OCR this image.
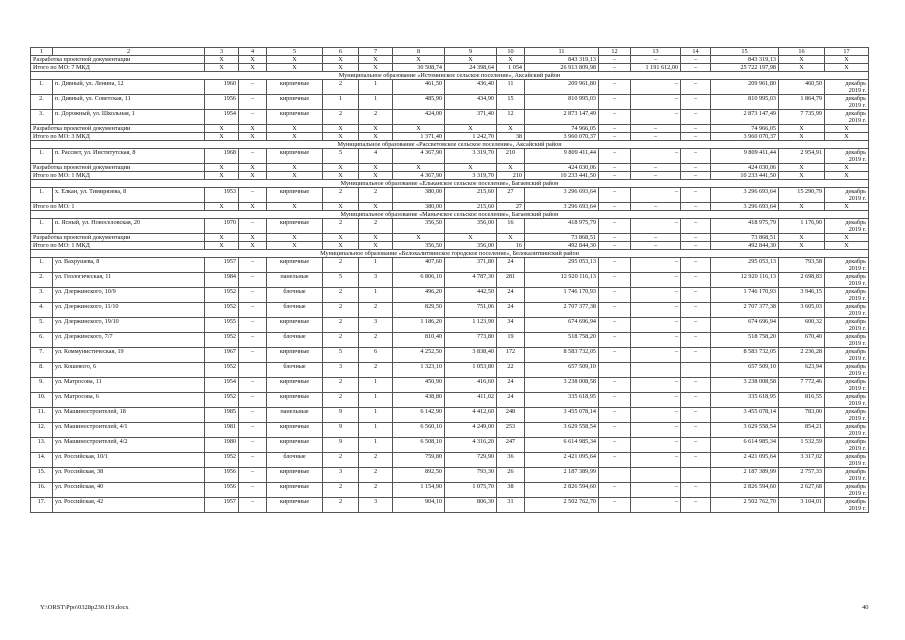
1	2	3	4	5	6	7	8	9	10	11	12	13	14	15	16	17
Разработка проектной документации		X	X	X	X	X	X	X	X	843 319,13	–	–	–	843 319,13	X	X
Итого по МО: 7 МКД		X	X	X	X	X	30 508,74	24 398,64	1 054	26 913 809,98	–	1 191 612,00	–	25 722 197,98	X	X
Муниципальное образование «Истоминское сельское поселение», Аксайский район																
1.	п. Дивный, ул. Ленина, 12	1960	–	кирпичные	2	1	461,50	436,40	11	209 961,80	–	–	–	209 961,80	460,50	декабрь
2019 г.

2.	п. Дивный, ул. Советская, 11	1956	–	кирпичные	1	1	485,90	434,90	15	810 995,03	–	–	–	810 995,03	1 864,79	декабрь
2019 г.

3.	п. Дорожный, ул. Школьная, 1	1954	–	кирпичные	2	2	424,00	371,40	12	2 873 147,49	–	–	–	2 873 147,49	7 735,99	декабрь
2019 г.

Разработка проектной документации		X	X	X	X	X	X	X	X	74 966,05	–	–	–	74 966,05	X	X
Итого по МО: 3 МКД		X	X	X	X	X	1 371,40	1 242,70	38	3 960 070,37	–	–	–	3 960 070,37	X	X
Муниципальное образование «Рассветовское сельское поселение», Аксайский район																
1.	п. Рассвет, ул. Институтская, 8	1968	–	кирпичные	5	4	4 367,90	3 319,70	210	9 809 411,44	–	–	–	9 809 411,44	2 954,91	декабрь
2019 г.

Разработка проектной документации		X	X	X	X	X	X	X	X	424 030,06	–	–	–	424 030,06	X	X
Итого по МО: 1 МКД		X	X	X	X	X	4 367,90	3 319,70	210	10 233 441,50	–	–	–	10 233 441,50	X	X
Муниципальное образование «Ельканское сельское поселение», Багаевский район																
1.	х. Елкан, ул. Тимирязева, 8	1953	–	кирпичные	2	2	380,00	215,60	27	3 296 693,64	–	–	–	3 296 693,64	15 290,79	декабрь
2019 г.

Итого по МО: 1		X	X	X	X	X	380,00	215,60	27	3 296 693,64	–	–	–	3 296 693,64	X	X
Муниципальное образование «Манычское сельское поселение», Багаевский район																
1.	п. Ясный, ул. Новоселовская, 20	1970	–	кирпичные	2	2	356,50	356,00	16	418 975,79	–	–	–	418 975,79	1 176,90	декабрь
2019 г.

Разработка проектной документации		X	X	X	X	X	X	X	X	73 868,51	–	–	–	73 868,51	X	X
Итого по МО: 1 МКД		X	X	X	X	X	356,50	356,00	16	492 844,30	–	–	–	492 844,30	X	X
Муниципальное образование «Белокалитвинское городское поселение», Белокалитвинский район																
1.	ул. Вахрушева, 8	1957	–	кирпичные	2	1	407,60	371,80	24	295 053,13	–	–	–	295 053,13	793,58	декабрь
2019 г.

2.	ул. Геологическая, 11	1984	–	панельные	5	3	6 806,10	4 787,30	281	12 920 116,13	–	–	–	12 920 116,13	2 698,83	декабрь
2019 г.

3.	ул. Дзержинского, 10/9	1952	–	блочные	2	1	496,20	442,50	24	1 746 170,93	–	–	–	1 746 170,93	3 946,15	декабрь
2019 г.

4.	ул. Дзержинского, 11/10	1952	–	блочные	2	2	829,50	751,06	24	2 707 377,38	–	–	–	2 707 377,38	3 605,03	декабрь
2019 г.

5.	ул. Дзержинского, 19/10	1955	–	кирпичные	2	3	1 186,20	1 123,90	34	674 696,94	–	–	–	674 696,94	600,32	декабрь
2019 г.

6.	ул. Дзержинского, 7/7	1952	–	блочные	2	2	810,40	773,80	19	518 758,20	–	–	–	518 758,20	670,40	декабрь
2019 г.

7.	ул. Коммунистическая, 19	1967	–	кирпичные	5	6	4 252,50	3 838,40	172	8 583 732,05	–	–	–	8 583 732,05	2 236,28	декабрь
2019 г.

8.	ул. Кошевого, 6	1952		блочные	3	2	1 323,10	1 053,80	22	657 509,10				657 509,10	623,94	декабрь
2019 г.

9.	ул. Матросова, 11	1954	–	кирпичные	2	1	450,90	416,60	24	3 238 008,58	–	–	–	3 238 008,58	7 772,46	декабрь
2019 г.

10.	ул. Матросова, 6	1952	–	кирпичные	2	1	438,80	411,02	24	335 618,95	–	–	–	335 618,95	816,55	декабрь
2019 г.

11.	ул. Машиностроителей, 18	1985	–	панельные	9	1	6 142,90	4 412,60	248	3 455 078,14	–	–	–	3 455 078,14	783,00	декабрь
2019 г.

12.	ул. Машиностроителей, 4/1	1981	–	кирпичные	9	1	6 560,10	4 249,00	253	3 629 558,54	–	–	–	3 629 558,54	854,21	декабрь
2019 г.

13.	ул. Машиностроителей, 4/2	1980	–	кирпичные	9	1	6 508,10	4 316,20	247	6 614 985,34	–	–	–	6 614 985,34	1 532,59	декабрь
2019 г.

14.	ул. Российская, 10/1	1952	–	блочные	2	2	759,80	729,90	36	2 421 095,64	–	–	–	2 421 095,64	3 317,02	декабрь
2019 г.

15.	ул. Российская, 38	1956	–	кирпичные	3	2	892,50	793,30	26	2 187 389,99				2 187 389,99	2 757,33	декабрь
2019 г.

16.	ул. Российская, 40	1956	–	кирпичные	2	2	1 154,90	1 075,70	38	2 826 594,60	–	–	–	2 826 594,60	2 627,68	декабрь
2019 г.

17.	ул. Российская, 42	1957	–	кирпичные	2	3	904,10	806,30	31	2 502 762,70	–	–	–	2 502 762,70	3 104,01	декабрь
2019 г.
Y:\ORST\Ppo\0328p230.f19.docx	40
